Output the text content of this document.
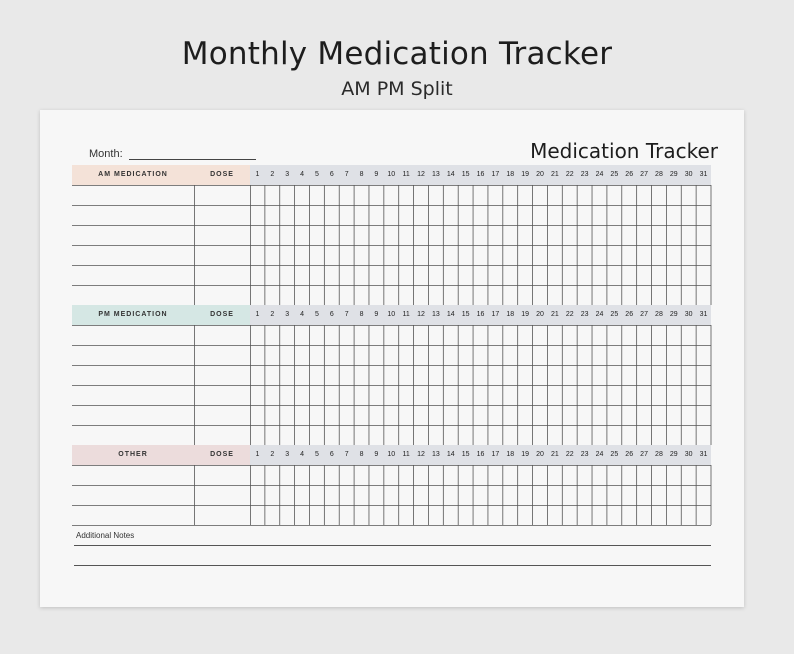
Monthly Medication Tracker
AM PM Split
Month:	Medication Tracker
AM MEDICATION	DOSE	1	2	3	4	5	6	7	8	9	10	11	12	13	14	15	16	17	18	19	20	21	22	23	24	25	26	27	28	29	30	31
PM MEDICATION	DOSE	1	2	3	4	5	6	7	8	9	10	11	12	13	14	15	16	17	18	19	20	21	22	23	24	25	26	27	28	29	30	31
OTHER	DOSE	1	2	3	4	5	6	7	8	9	10	11	12	13	14	15	16	17	18	19	20	21	22	23	24	25	26	27	28	29	30	31
Additional Notes
